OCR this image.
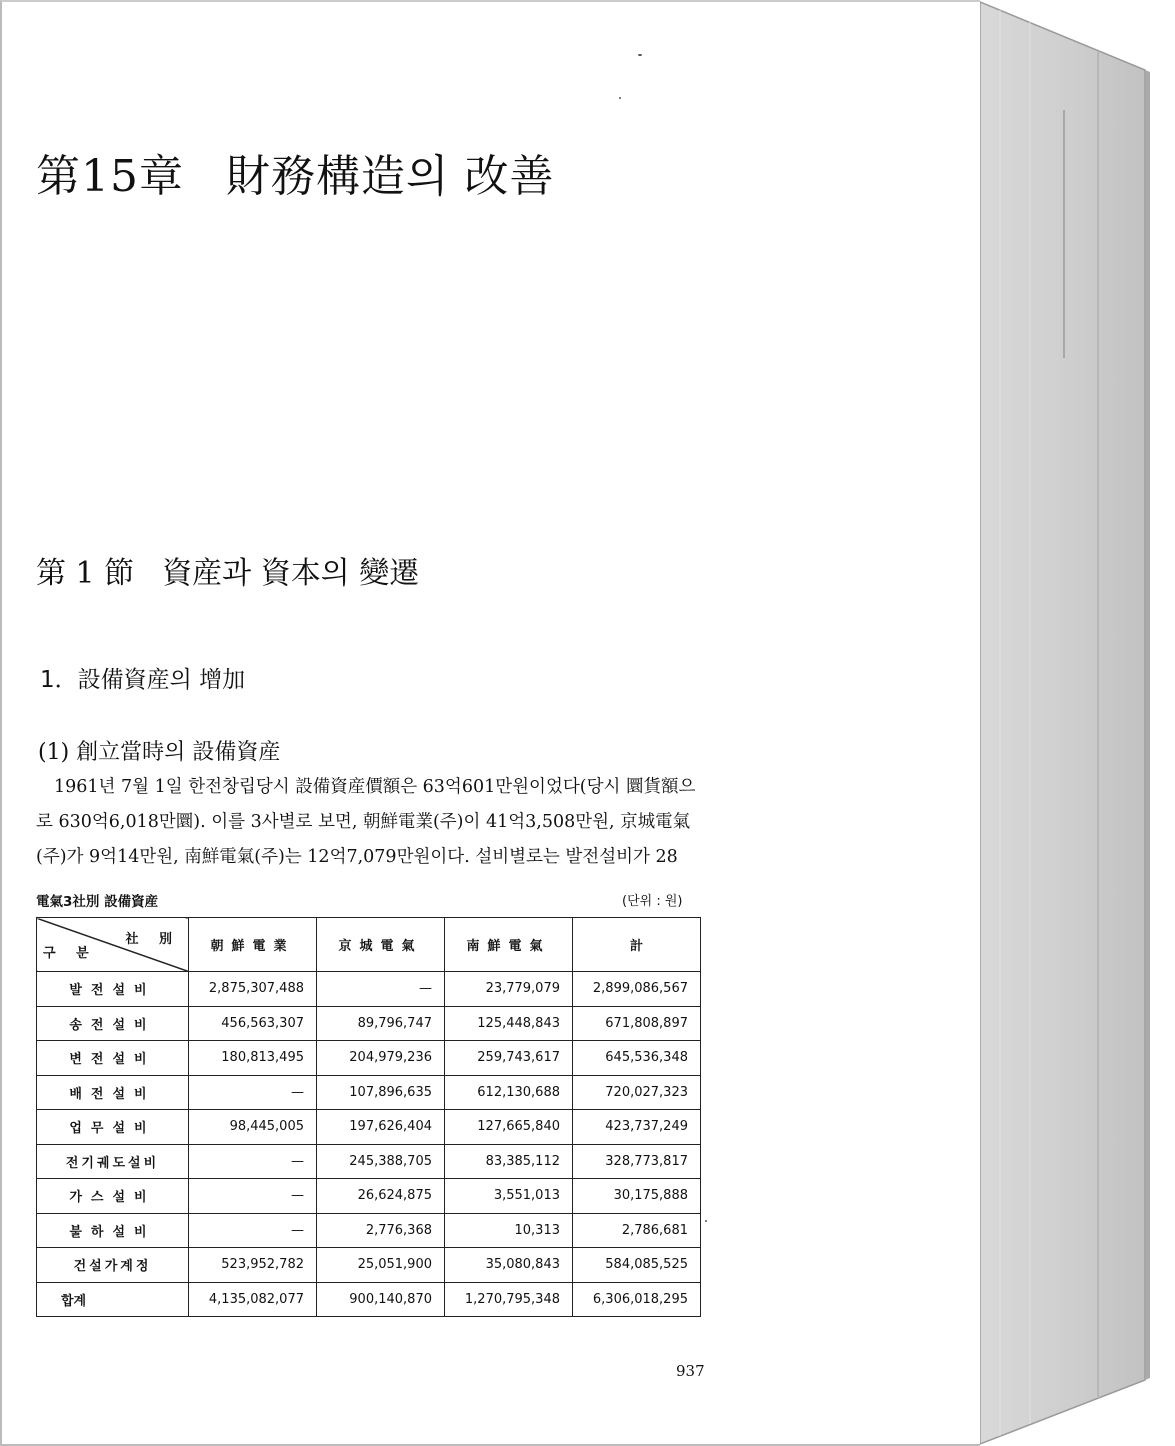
第15章 財務構造의 改善
第 1 節 資産과 資本의 變遷
1．設備資産의 增加
(1) 創立當時의 設備資産

1961년 7월 1일 한전창립당시 設備資産價額은 63억601만원이었다(당시 圜貨額으
로 630억6,018만圜). 이를 3사별로 보면, 朝鮮電業(주)이 41억3,508만원, 京城電氣
(주)가 9억14만원, 南鮮電氣(주)는 12억7,079만원이다. 설비별로는 발전설비가 28

電氣3社別 設備資産	(단위 : 원)
社 別
구 분	朝鮮電業	京城電氣	南鮮電氣	計
발전설비	2,875,307,488	—	23,779,079	2,899,086,567
송전설비	456,563,307	89,796,747	125,448,843	671,808,897
변전설비	180,813,495	204,979,236	259,743,617	645,536,348
배전설비	—	107,896,635	612,130,688	720,027,323
업무설비	98,445,005	197,626,404	127,665,840	423,737,249
전기궤도설비	—	245,388,705	83,385,112	328,773,817
가스설비	—	26,624,875	3,551,013	30,175,888
불하설비	—	2,776,368	10,313	2,786,681
건설가계정	523,952,782	25,051,900	35,080,843	584,085,525
합계	4,135,082,077	900,140,870	1,270,795,348	6,306,018,295
937
